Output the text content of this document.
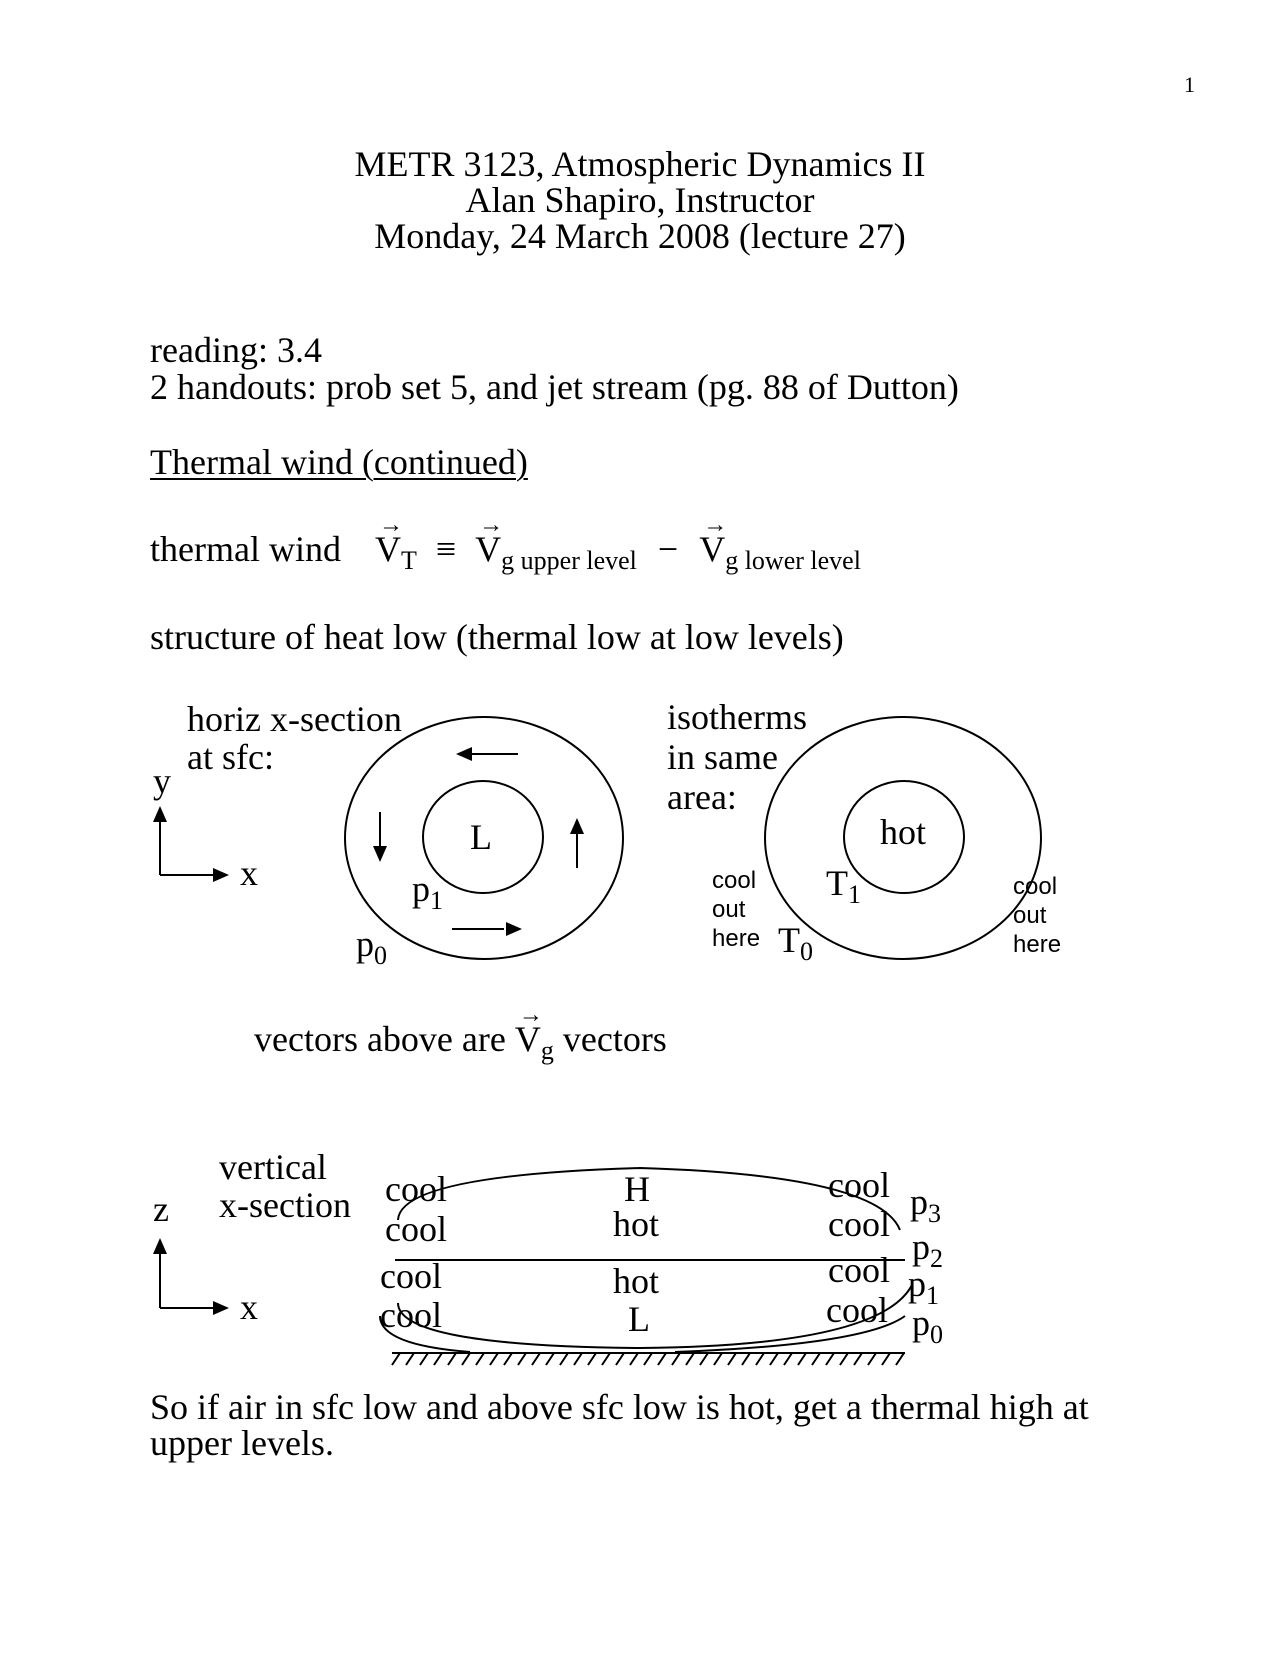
1
METR 3123, Atmospheric Dynamics II
Alan Shapiro, Instructor
Monday, 24 March 2008 (lecture 27)
reading: 3.4
2 handouts: prob set 5, and jet stream (pg. 88 of Dutton)
Thermal wind (continued)
thermal wind → $V_T$ ≡ → $V_{g upper level}$ − → $V_{g lower level}$
structure of heat low (thermal low at low levels)
horiz x-section
at sfc:
y
x
L
$p_1$
$p_0$
isotherms
in same
area:
hot
$T_1$
$T_0$
cool
out
here
cool
out
here
vectors above are → $V_g$ vectors
vertical
x-section
z
x
H
hot
hot
L
cool
cool
cool
cool
cool
cool
cool
cool
$p_3$
$p_2$
$p_1$
$p_0$
So if air in sfc low and above sfc low is hot, get a thermal high at
upper levels.
